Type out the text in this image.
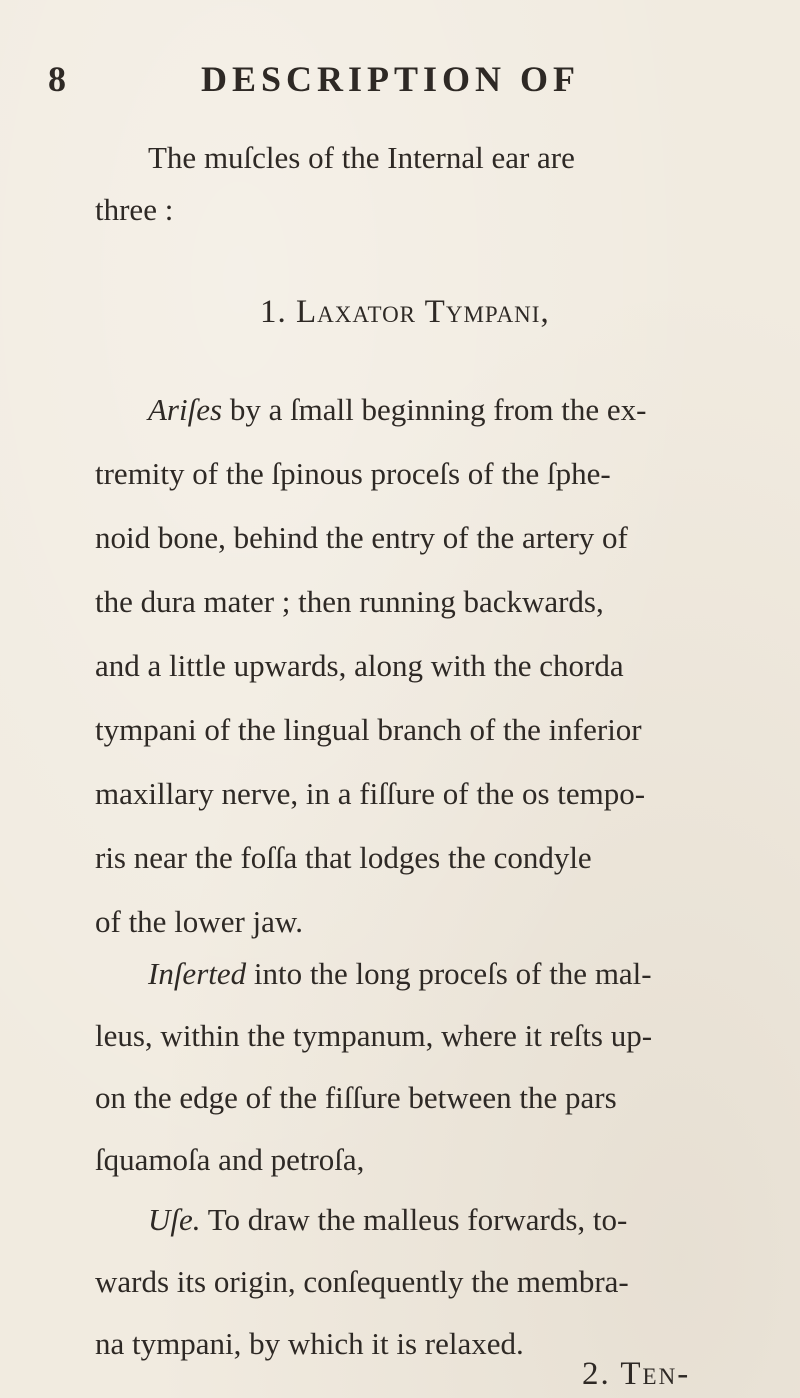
8	DESCRIPTION OF
The muſcles of the Internal ear are
three :
1. Laxator Tympani,
Ariſes by a ſmall beginning from the ex-
tremity of the ſpinous proceſs of the ſphe-
noid bone, behind the entry of the artery of
the dura mater ; then running backwards,
and a little upwards, along with the chorda
tympani of the lingual branch of the inferior
maxillary nerve, in a fiſſure of the os tempo-
ris near the foſſa that lodges the condyle
of the lower jaw.
Inſerted into the long proceſs of the mal-
leus, within the tympanum, where it reſts up-
on the edge of the fiſſure between the pars
ſquamoſa and petroſa,
Uſe. To draw the malleus forwards, to-
wards its origin, conſequently the membra-
na tympani, by which it is relaxed.
2. Ten-
